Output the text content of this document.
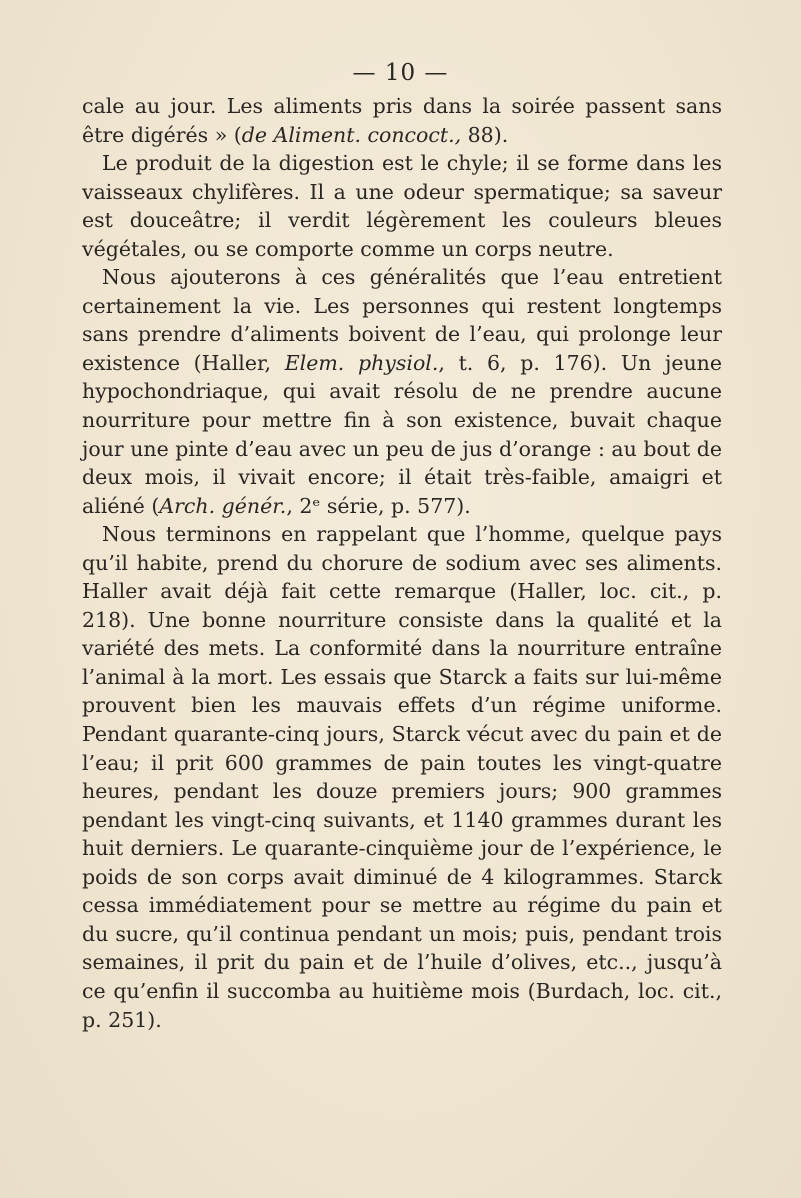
— 10 —

cale au jour. Les aliments pris dans la soirée passent sans être digérés » (de Aliment. concoct., 88).

Le produit de la digestion est le chyle; il se forme dans les vaisseaux chylifères. Il a une odeur spermatique; sa saveur est douceâtre; il verdit légèrement les couleurs bleues végétales, ou se comporte comme un corps neutre.

Nous ajouterons à ces généralités que l’eau entretient certainement la vie. Les personnes qui restent longtemps sans prendre d’aliments boivent de l’eau, qui prolonge leur existence (Haller, Elem. physiol., t. 6, p. 176). Un jeune hypochondriaque, qui avait résolu de ne prendre aucune nourriture pour mettre fin à son existence, buvait chaque jour une pinte d’eau avec un peu de jus d’orange : au bout de deux mois, il vivait encore; il était très-faible, amaigri et aliéné (Arch. génér., 2ᵉ série, p. 577).

Nous terminons en rappelant que l’homme, quelque pays qu’il habite, prend du chorure de sodium avec ses aliments. Haller avait déjà fait cette remarque (Haller, loc. cit., p. 218). Une bonne nourriture consiste dans la qualité et la variété des mets. La conformité dans la nourriture entraîne l’animal à la mort. Les essais que Starck a faits sur lui-même prouvent bien les mauvais effets d’un régime uniforme. Pendant quarante-cinq jours, Starck vécut avec du pain et de l’eau; il prit 600 grammes de pain toutes les vingt-quatre heures, pendant les douze premiers jours; 900 grammes pendant les vingt-cinq suivants, et 1140 grammes durant les huit derniers. Le quarante-cinquième jour de l’expérience, le poids de son corps avait diminué de 4 kilogrammes. Starck cessa immédiatement pour se mettre au régime du pain et du sucre, qu’il continua pendant un mois; puis, pendant trois semaines, il prit du pain et de l’huile d’olives, etc.., jusqu’à ce qu’enfin il succomba au huitième mois (Burdach, loc. cit., p. 251).
